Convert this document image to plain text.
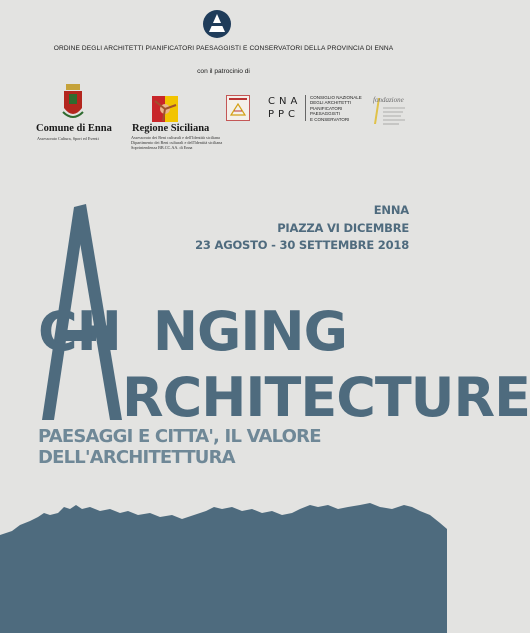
ORDINE DEGLI ARCHITETTI PIANIFICATORI PAESAGGISTI E CONSERVATORI DELLA PROVINCIA DI ENNA
con il patrocinio di
Comune di Enna
Assessorato Cultura, Sport ed Eventi
Regione Siciliana
Assessorato dei Beni culturali e dell'Identità siciliana
Dipartimento dei Beni culturali e dell'Identità siciliana
Soprintendenza BB.CC.AA. di Enna
CNA
PPC
CONSIGLIO NAZIONALE
DEGLI ARCHITETTI
PIANIFICATORI
PAESAGGISTI
E CONSERVATORI
fondazione
ENNA
PIAZZA VI DICEMBRE
23 AGOSTO - 30 SETTEMBRE 2018
CH NGING
RCHITECTURE
PAESAGGI E CITTA', IL VALORE DELL'ARCHITETTURA
